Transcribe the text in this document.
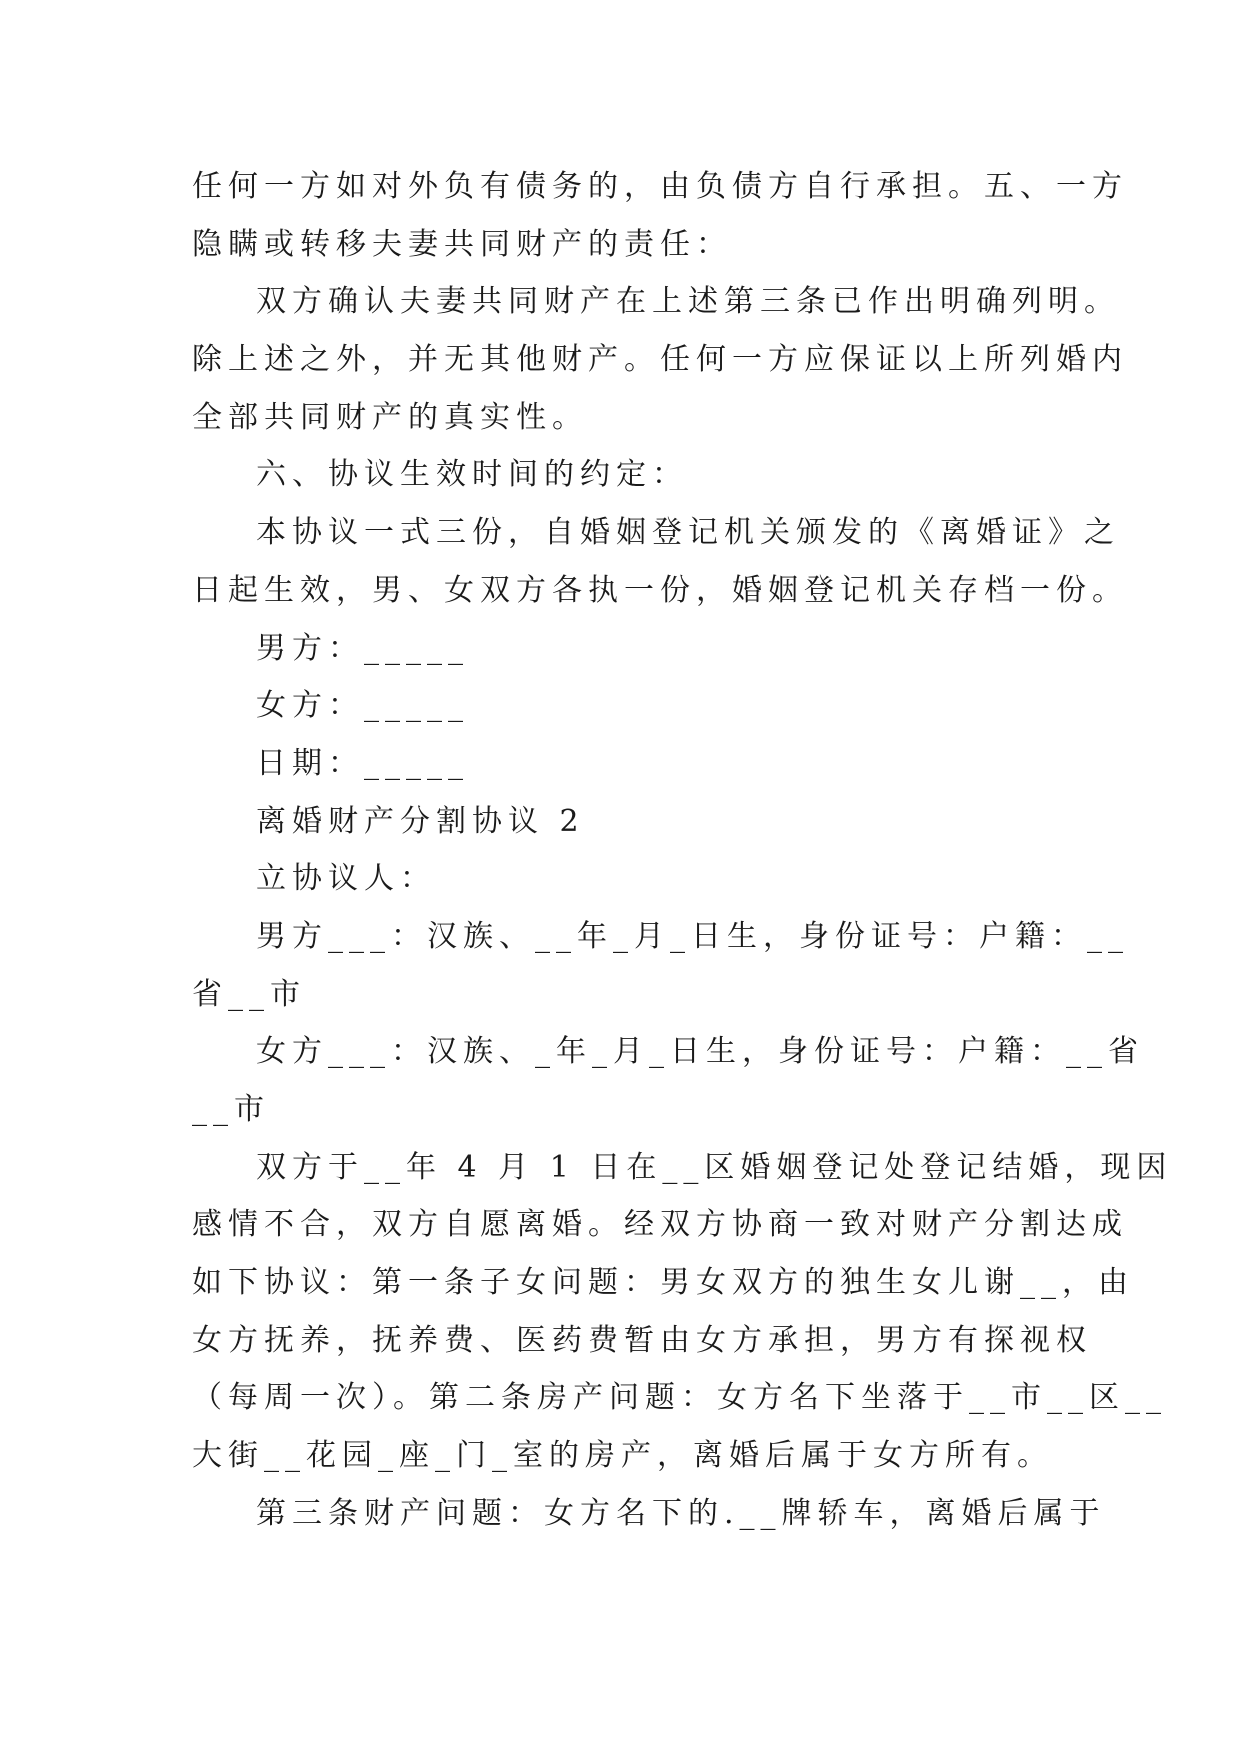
任何一方如对外负有债务的，由负债方自行承担。五、一方
隐瞒或转移夫妻共同财产的责任：
双方确认夫妻共同财产在上述第三条已作出明确列明。
除上述之外，并无其他财产。任何一方应保证以上所列婚内
全部共同财产的真实性。
六、协议生效时间的约定：
本协议一式三份，自婚姻登记机关颁发的《离婚证》之
日起生效，男、女双方各执一份，婚姻登记机关存档一份。
男方：_____
女方：_____
日期：_____
离婚财产分割协议 2
立协议人：
男方___：汉族、__年_月_日生，身份证号：户籍：__
省__市
女方___：汉族、_年_月_日生，身份证号：户籍：__省
__市
双方于__年 4 月 1 日在__区婚姻登记处登记结婚，现因
感情不合，双方自愿离婚。经双方协商一致对财产分割达成
如下协议：第一条子女问题：男女双方的独生女儿谢__，由
女方抚养，抚养费、医药费暂由女方承担，男方有探视权
（每周一次）。第二条房产问题：女方名下坐落于__市__区__
大街__花园_座_门_室的房产，离婚后属于女方所有。
第三条财产问题：女方名下的.__牌轿车，离婚后属于
